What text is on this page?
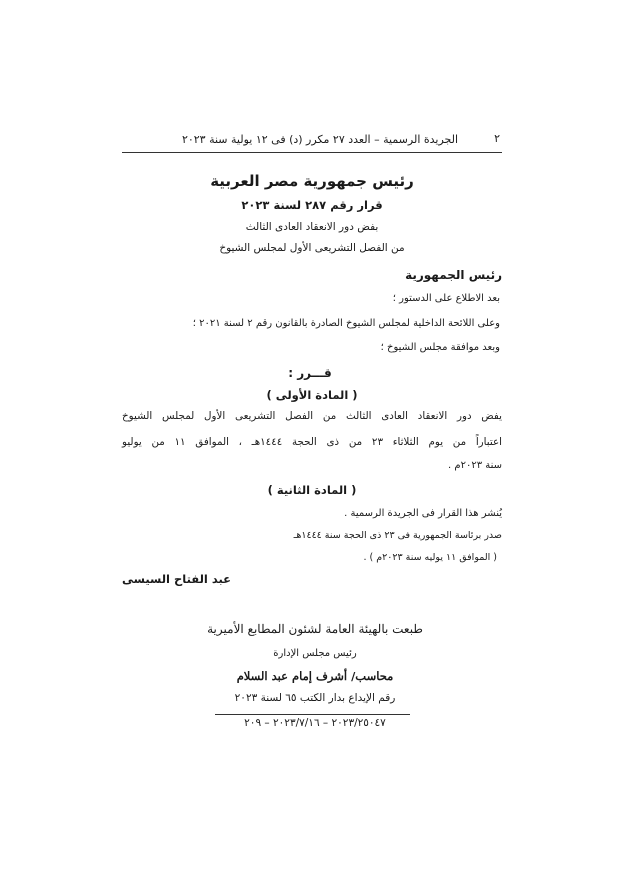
٢
الجريدة الرسمية – العدد ٢٧ مكرر (د) فى ١٢ يولية سنة ٢٠٢٣
رئيس جمهورية مصر العربية
قرار رقم ٢٨٧ لسنة ٢٠٢٣
بفض دور الانعقاد العادى الثالث
من الفصل التشريعى الأول لمجلس الشيوخ
رئيس الجمهورية
بعد الاطلاع على الدستور ؛
وعلى اللائحة الداخلية لمجلس الشيوخ الصادرة بالقانون رقم ٢ لسنة ٢٠٢١ ؛
وبعد موافقة مجلس الشيوخ ؛
قـــرر :
( المادة الأولى )
يفض دور الانعقاد العادى الثالث من الفصل التشريعى الأول لمجلس الشيوخ
اعتباراً من يوم الثلاثاء ٢٣ من ذى الحجة ١٤٤٤هـ ، الموافق ١١ من يوليو
سنة ٢٠٢٣م .
( المادة الثانية )
يُنشر هذا القرار فى الجريدة الرسمية .
صدر برئاسة الجمهورية فى ٢٣ ذى الحجة سنة ١٤٤٤هـ
( الموافق ١١ يوليه سنة ٢٠٢٣م ) .
عبد الفتاح السيسى
طبعت بالهيئة العامة لشئون المطابع الأميرية
رئيس مجلس الإدارة
محاسب/ أشرف إمام عبد السلام
رقم الإيداع بدار الكتب ٦٥ لسنة ٢٠٢٣
٢٠٢٣/٢٥٠٤٧ – ٢٠٢٣/٧/١٦ – ٢٠٩
